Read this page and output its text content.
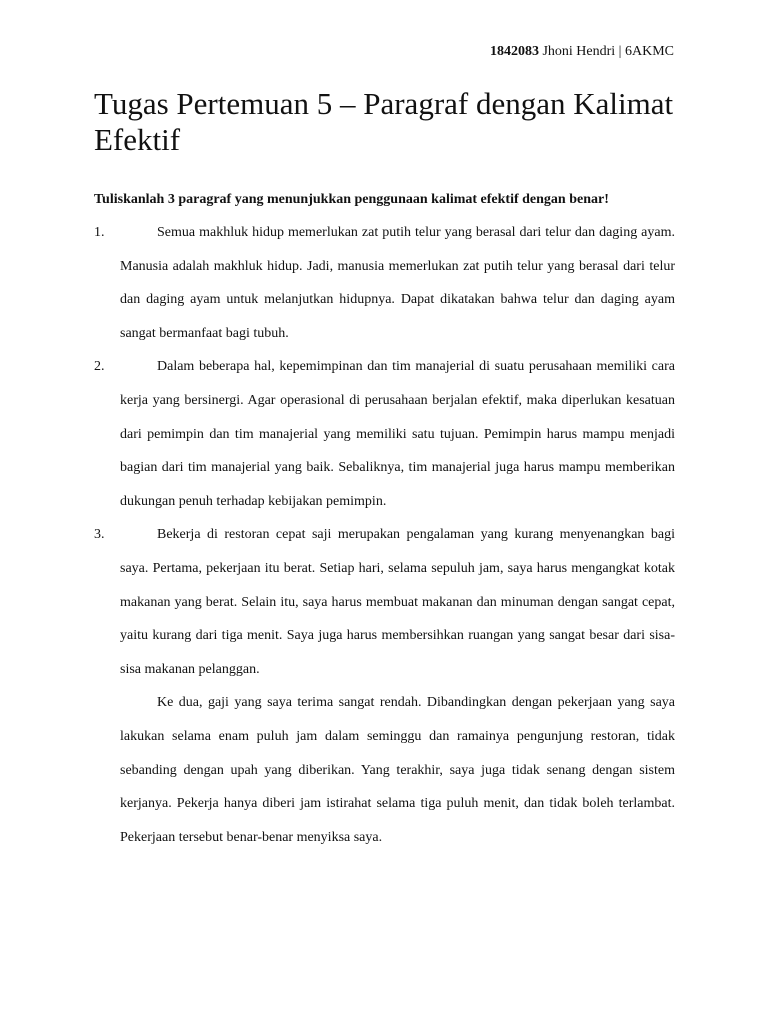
1842083 Jhoni Hendri | 6AKMC
Tugas Pertemuan 5 – Paragraf dengan Kalimat Efektif

Tuliskanlah 3 paragraf yang menunjukkan penggunaan kalimat efektif dengan benar!

1.	Semua makhluk hidup memerlukan zat putih telur yang berasal dari telur dan daging ayam. Manusia adalah makhluk hidup. Jadi, manusia memerlukan zat putih telur yang berasal dari telur dan daging ayam untuk melanjutkan hidupnya. Dapat dikatakan bahwa telur dan daging ayam sangat bermanfaat bagi tubuh.

2.	Dalam beberapa hal, kepemimpinan dan tim manajerial di suatu perusahaan memiliki cara kerja yang bersinergi. Agar operasional di perusahaan berjalan efektif, maka diperlukan kesatuan dari pemimpin dan tim manajerial yang memiliki satu tujuan. Pemimpin harus mampu menjadi bagian dari tim manajerial yang baik. Sebaliknya, tim manajerial juga harus mampu memberikan dukungan penuh terhadap kebijakan pemimpin.

3.	Bekerja di restoran cepat saji merupakan pengalaman yang kurang menyenangkan bagi saya. Pertama, pekerjaan itu berat. Setiap hari, selama sepuluh jam, saya harus mengangkat kotak makanan yang berat. Selain itu, saya harus membuat makanan dan minuman dengan sangat cepat, yaitu kurang dari tiga menit. Saya juga harus membersihkan ruangan yang sangat besar dari sisa-sisa makanan pelanggan.

Ke dua, gaji yang saya terima sangat rendah. Dibandingkan dengan pekerjaan yang saya lakukan selama enam puluh jam dalam seminggu dan ramainya pengunjung restoran, tidak sebanding dengan upah yang diberikan. Yang terakhir, saya juga tidak senang dengan sistem kerjanya. Pekerja hanya diberi jam istirahat selama tiga puluh menit, dan tidak boleh terlambat. Pekerjaan tersebut benar-benar menyiksa saya.
